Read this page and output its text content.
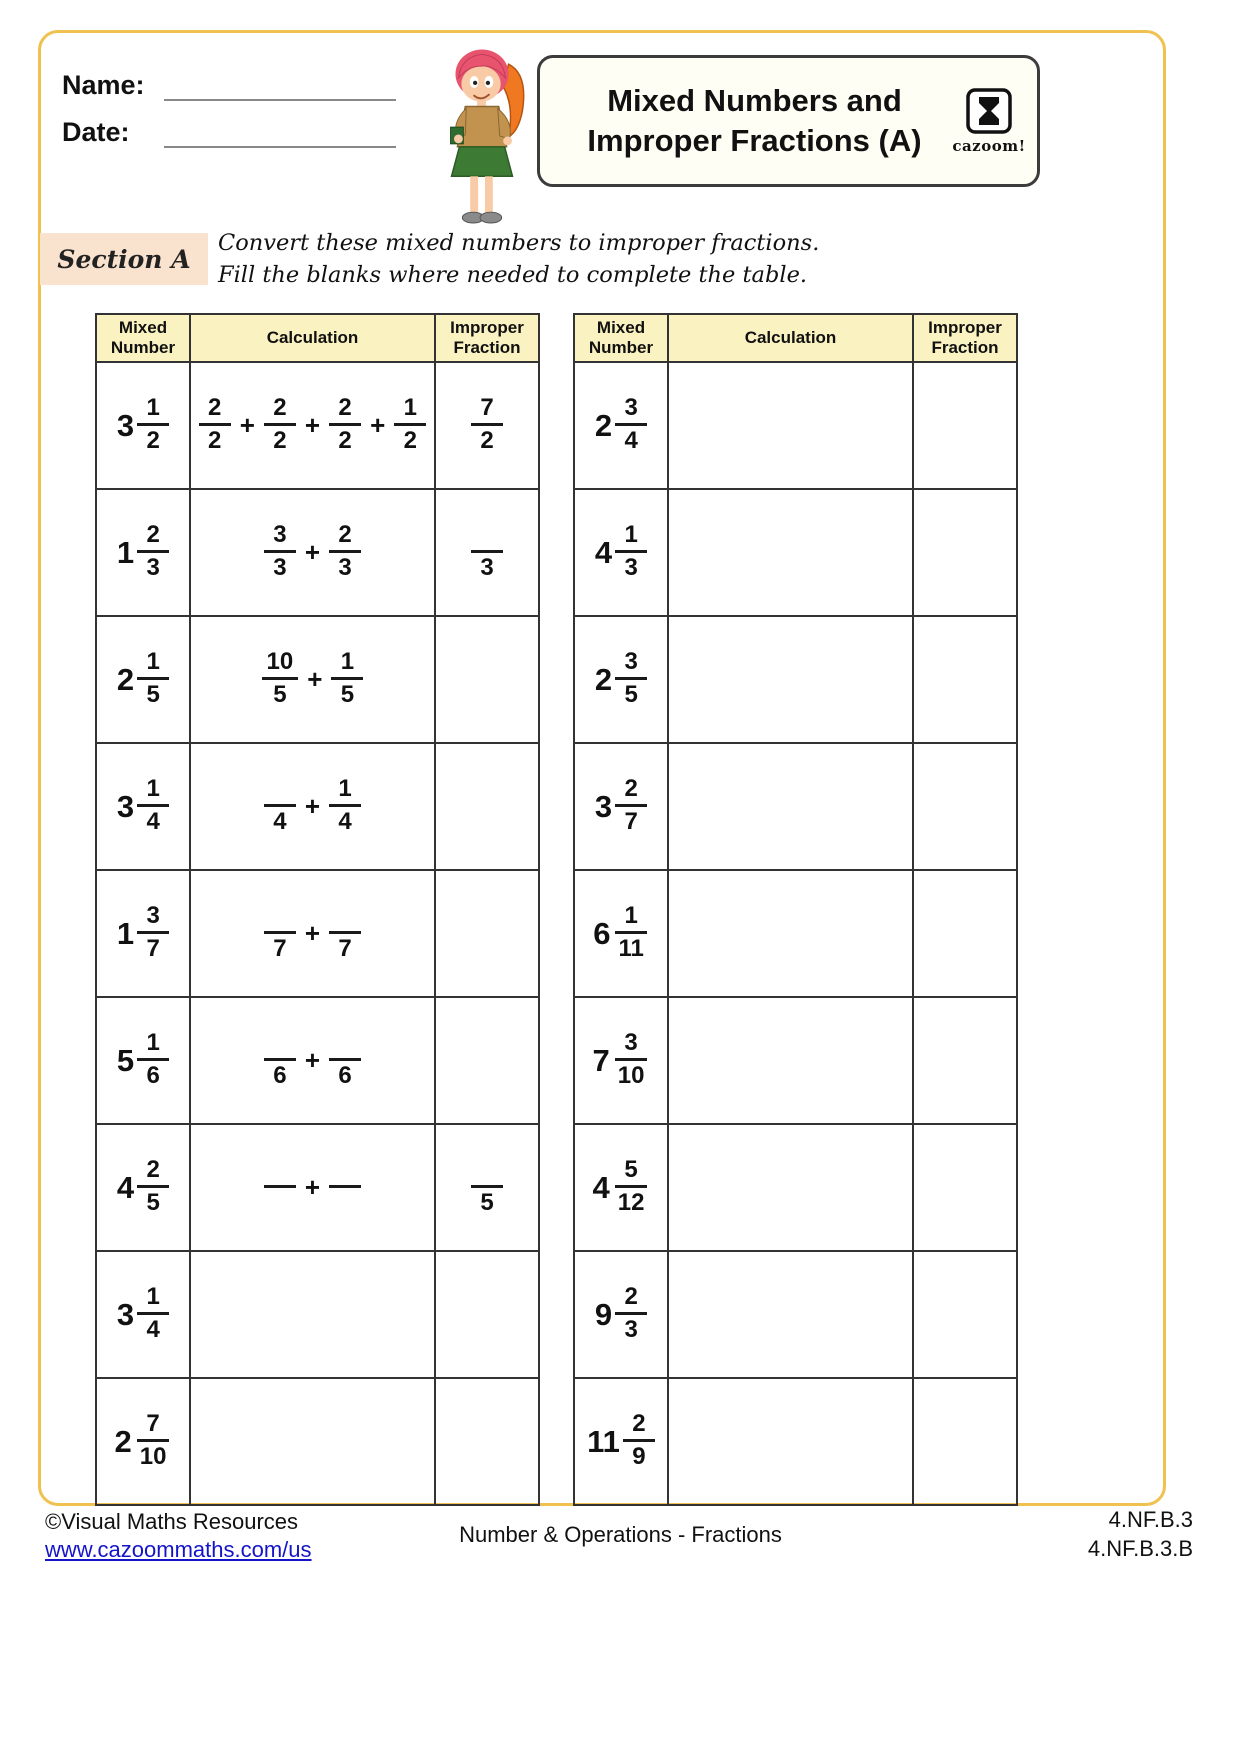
Name:
Date:
Mixed Numbers and
Improper Fractions (A)	cazoom!
Section A
Convert these mixed numbers to improper fractions.
Fill the blanks where needed to complete the table.
Mixed Number	Calculation	Improper Fraction

$3 \frac{1}{2}$	$\frac{2}{2} + \frac{2}{2} + \frac{2}{2} + \frac{1}{2}$	$\frac{7}{2}$

$1 \frac{2}{3}$	$\frac{3}{3} + \frac{2}{3}$	3

$2 \frac{1}{5}$	$\frac{10}{5} + \frac{1}{5}$

$3 \frac{1}{4}$	$4 + \frac{1}{4}$

$1 \frac{3}{7}$	7 + 7	

$5 \frac{1}{6}$	6 + 6	

$4 \frac{2}{5}$	+	5

$3 \frac{1}{4}$

$2 \frac{7}{10}$

Mixed Number	Calculation	Improper Fraction

$2 \frac{3}{4}$

$4 \frac{1}{3}$

$2 \frac{3}{5}$

$3 \frac{2}{7}$

$6 \frac{1}{11}$

$7 \frac{3}{10}$

$4 \frac{5}{12}$

$9 \frac{2}{3}$

$11 \frac{2}{9}$

©Visual Maths Resources
www.cazoommaths.com/us
Number & Operations - Fractions
4.NF.B.3
4.NF.B.3.B
